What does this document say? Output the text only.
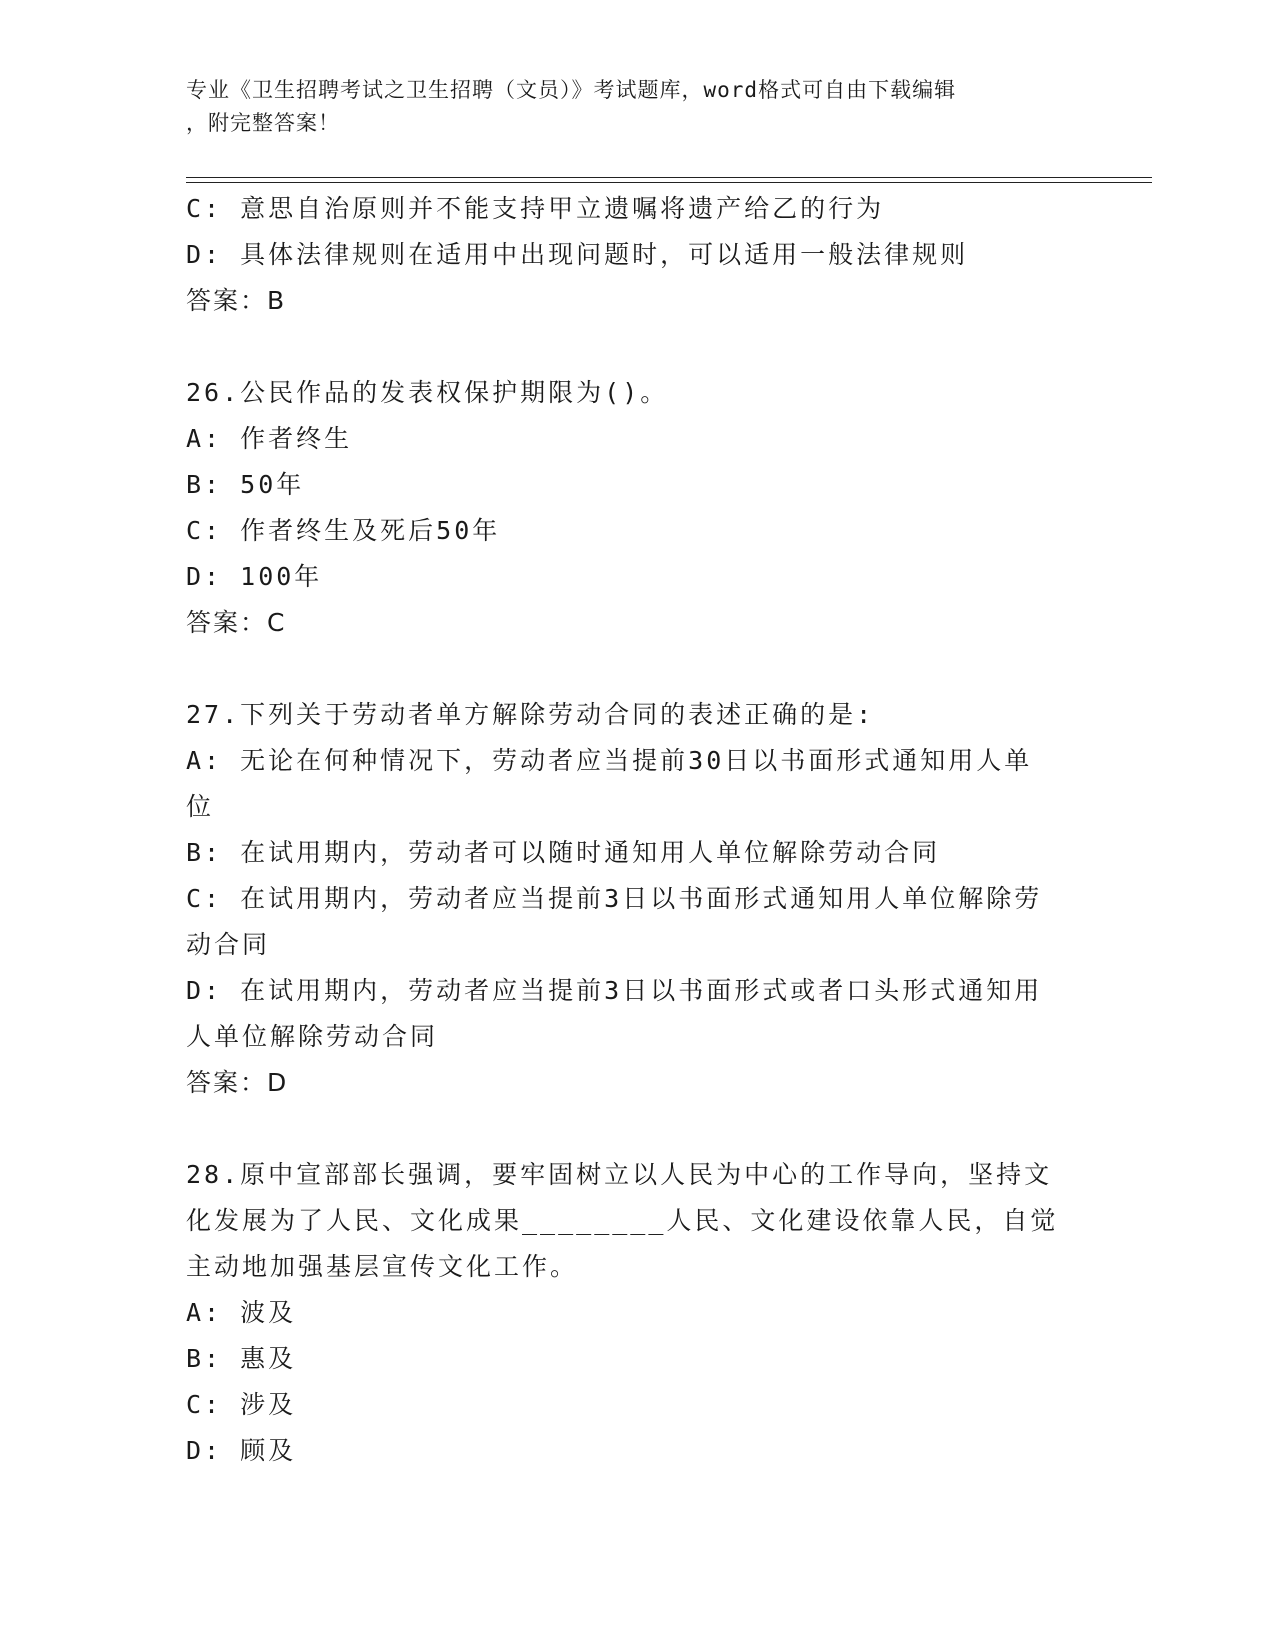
专业《卫生招聘考试之卫生招聘（文员）》考试题库，word格式可自由下载编辑
，附完整答案！
C: 意思自治原则并不能支持甲立遗嘱将遗产给乙的行为
D: 具体法律规则在适用中出现问题时，可以适用一般法律规则
答案：B
26.公民作品的发表权保护期限为()。
A: 作者终生
B: 50年
C: 作者终生及死后50年
D: 100年
答案：C
27.下列关于劳动者单方解除劳动合同的表述正确的是:
A: 无论在何种情况下，劳动者应当提前30日以书面形式通知用人单
位
B: 在试用期内，劳动者可以随时通知用人单位解除劳动合同
C: 在试用期内，劳动者应当提前3日以书面形式通知用人单位解除劳
动合同
D: 在试用期内，劳动者应当提前3日以书面形式或者口头形式通知用
人单位解除劳动合同
答案：D
28.原中宣部部长强调，要牢固树立以人民为中心的工作导向，坚持文
化发展为了人民、文化成果________人民、文化建设依靠人民，自觉
主动地加强基层宣传文化工作。
A: 波及
B: 惠及
C: 涉及
D: 顾及
